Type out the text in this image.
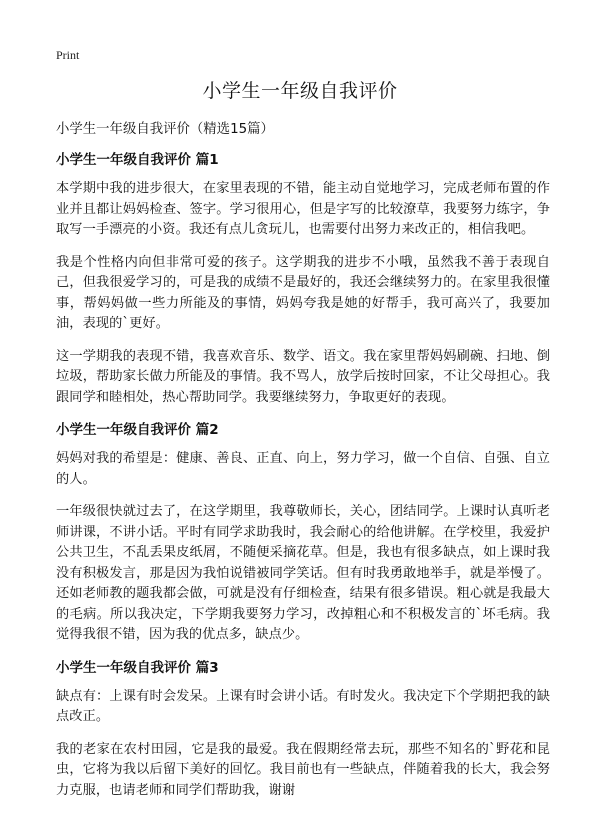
Print
小学生一年级自我评价

小学生一年级自我评价（精选15篇）

小学生一年级自我评价 篇1

本学期中我的进步很大，在家里表现的不错，能主动自觉地学习，完成老师布置的作业并且都让妈妈检查、签字。学习很用心，但是字写的比较潦草，我要努力练字，争取写一手漂亮的小资。我还有点儿贪玩儿，也需要付出努力来改正的，相信我吧。

我是个性格内向但非常可爱的孩子。这学期我的进步不小哦，虽然我不善于表现自己，但我很爱学习的，可是我的成绩不是最好的，我还会继续努力的。在家里我很懂事，帮妈妈做一些力所能及的事情，妈妈夸我是她的好帮手，我可高兴了，我要加油，表现的`更好。

这一学期我的表现不错，我喜欢音乐、数学、语文。我在家里帮妈妈刷碗、扫地、倒垃圾，帮助家长做力所能及的事情。我不骂人，放学后按时回家，不让父母担心。我跟同学和睦相处，热心帮助同学。我要继续努力，争取更好的表现。

小学生一年级自我评价 篇2

妈妈对我的希望是：健康、善良、正直、向上，努力学习，做一个自信、自强、自立的人。

一年级很快就过去了，在这学期里，我尊敬师长，关心，团结同学。上课时认真听老师讲课，不讲小话。平时有同学求助我时，我会耐心的给他讲解。在学校里，我爱护公共卫生，不乱丢果皮纸屑，不随便采摘花草。但是，我也有很多缺点，如上课时我没有积极发言，那是因为我怕说错被同学笑话。但有时我勇敢地举手，就是举慢了。还如老师教的题我都会做，可就是没有仔细检查，结果有很多错误。粗心就是我最大的毛病。所以我决定，下学期我要努力学习，改掉粗心和不积极发言的`坏毛病。我觉得我很不错，因为我的优点多，缺点少。

小学生一年级自我评价 篇3

缺点有：上课有时会发呆。上课有时会讲小话。有时发火。我决定下个学期把我的缺点改正。

我的老家在农村田园，它是我的最爱。我在假期经常去玩，那些不知名的`野花和昆虫，它将为我以后留下美好的回忆。我目前也有一些缺点，伴随着我的长大，我会努力克服，也请老师和同学们帮助我，谢谢
